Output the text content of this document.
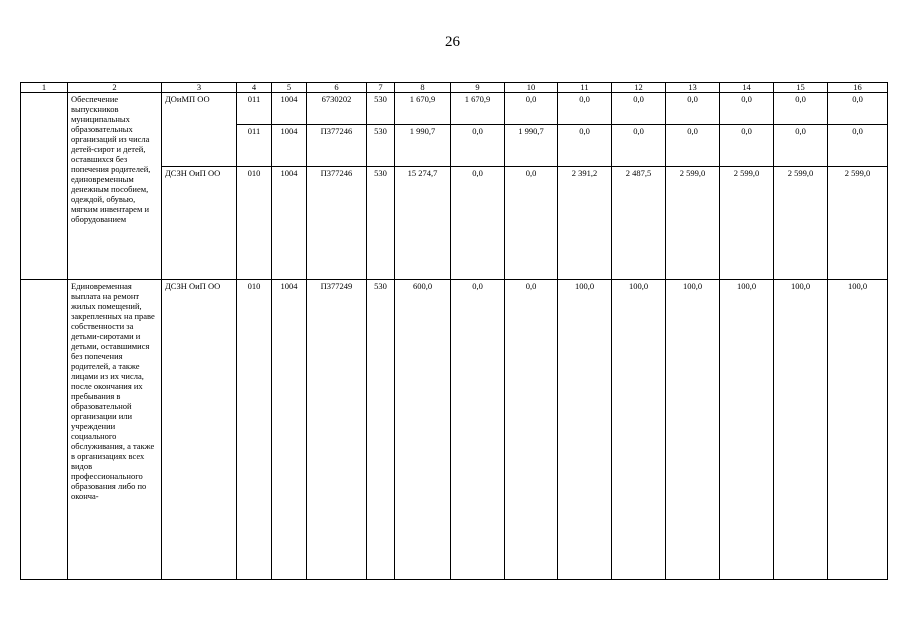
26
1	2	3	4	5	6	7	8	9	10	11	12	13	14	15	16
	Обеспечение выпускников муниципальных образовательных организаций из числа детей-сирот и детей, оставшихся без попечения родителей, единовременным денежным пособием, одеждой, обувью, мягким инвентарем и оборудованием	ДОиМП ОО	011	1004	6730202	530	1 670,9	1 670,9	0,0	0,0	0,0	0,0	0,0	0,0	0,0
			011	1004	П377246	530	1 990,7	0,0	1 990,7	0,0	0,0	0,0	0,0	0,0	0,0
		ДСЗН ОиП ОО	010	1004	П377246	530	15 274,7	0,0	0,0	2 391,2	2 487,5	2 599,0	2 599,0	2 599,0	2 599,0
	Единовременная выплата на ремонт жилых помещений, закрепленных на праве собственности за детьми-сиротами и детьми, оставшимися без попечения родителей, а также лицами из их числа, после окончания их пребывания в образовательной организации или учреждении социального обслуживания, а также в организациях всех видов профессионального образования либо по оконча-	ДСЗН ОиП ОО	010	1004	П377249	530	600,0	0,0	0,0	100,0	100,0	100,0	100,0	100,0	100,0
